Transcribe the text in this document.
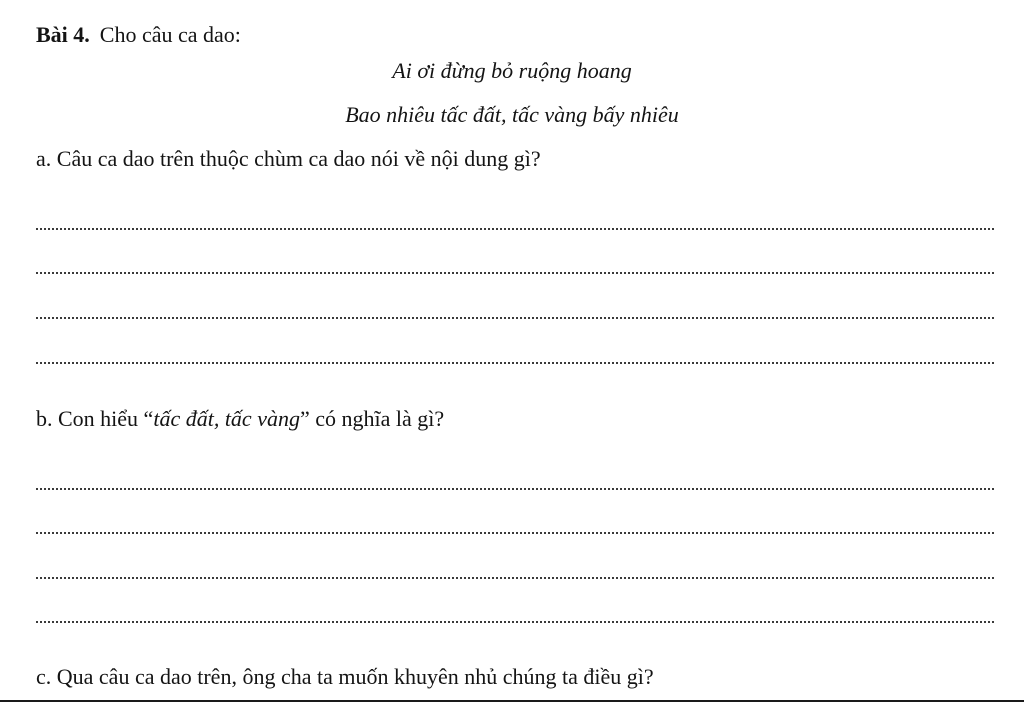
Bài 4. Cho câu ca dao:
Ai ơi đừng bỏ ruộng hoang
Bao nhiêu tấc đất, tấc vàng bấy nhiêu
a. Câu ca dao trên thuộc chùm ca dao nói về nội dung gì?
b. Con hiểu “tấc đất, tấc vàng” có nghĩa là gì?
c. Qua câu ca dao trên, ông cha ta muốn khuyên nhủ chúng ta điều gì?
